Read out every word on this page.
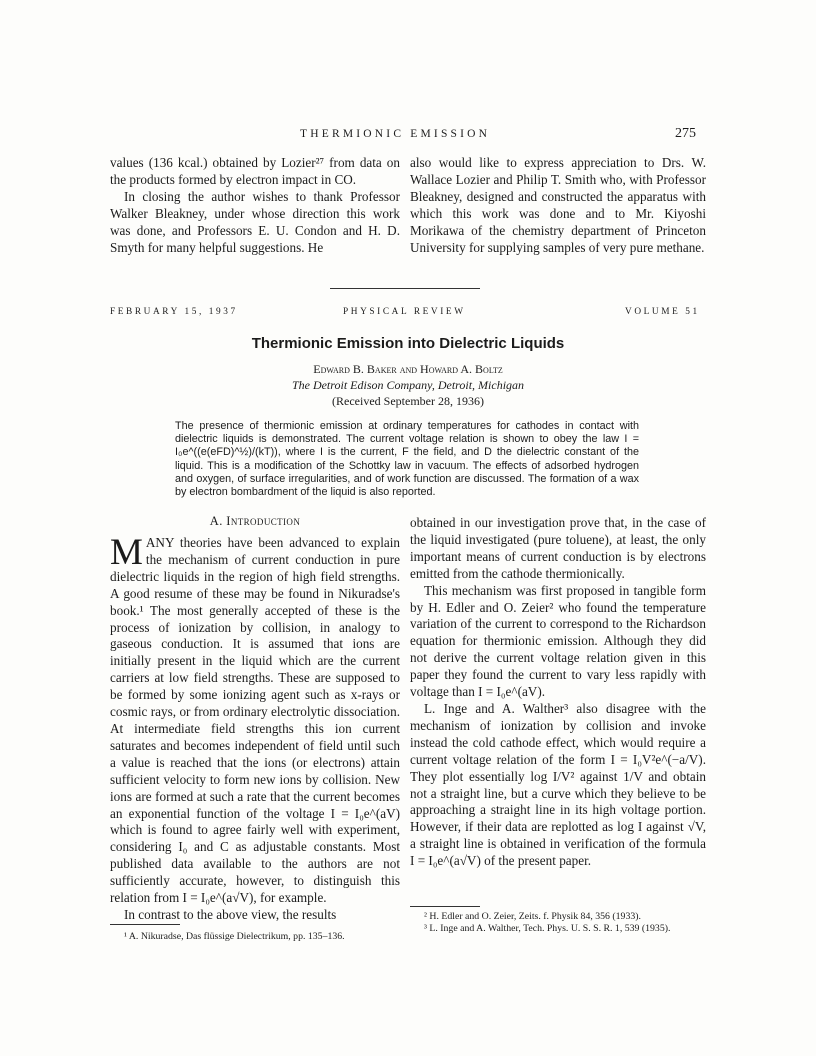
THERMIONIC EMISSION	275

values (136 kcal.) obtained by Lozier²⁷ from data on the products formed by electron impact in CO.

In closing the author wishes to thank Professor Walker Bleakney, under whose direction this work was done, and Professors E. U. Condon and H. D. Smyth for many helpful suggestions. He

also would like to express appreciation to Drs. W. Wallace Lozier and Philip T. Smith who, with Professor Bleakney, designed and constructed the apparatus with which this work was done and to Mr. Kiyoshi Morikawa of the chemistry department of Princeton University for supplying samples of very pure methane.

FEBRUARY 15, 1937	PHYSICAL REVIEW	VOLUME 51
Thermionic Emission into Dielectric Liquids
Edward B. Baker and Howard A. Boltz
The Detroit Edison Company, Detroit, Michigan
(Received September 28, 1936)
The presence of thermionic emission at ordinary temperatures for cathodes in contact with dielectric liquids is demonstrated. The current voltage relation is shown to obey the law I = I₀e^((e(eFD)^½)/(kT)), where I is the current, F the field, and D the dielectric constant of the liquid. This is a modification of the Schottky law in vacuum. The effects of adsorbed hydrogen and oxygen, of surface irregularities, and of work function are discussed. The formation of a wax by electron bombardment of the liquid is also reported.
A. Introduction

MANY theories have been advanced to explain the mechanism of current conduction in pure dielectric liquids in the region of high field strengths. A good resume of these may be found in Nikuradse's book.¹ The most generally accepted of these is the process of ionization by collision, in analogy to gaseous conduction. It is assumed that ions are initially present in the liquid which are the current carriers at low field strengths. These are supposed to be formed by some ionizing agent such as x-rays or cosmic rays, or from ordinary electrolytic dissociation. At intermediate field strengths this ion current saturates and becomes independent of field until such a value is reached that the ions (or electrons) attain sufficient velocity to form new ions by collision. New ions are formed at such a rate that the current becomes an exponential function of the voltage I = I₀e^(aV) which is found to agree fairly well with experiment, considering I₀ and C as adjustable constants. Most published data available to the authors are not sufficiently accurate, however, to distinguish this relation from I = I₀e^(a√V), for example.

In contrast to the above view, the results

¹ A. Nikuradse, Das flüssige Dielectrikum, pp. 135–136.

obtained in our investigation prove that, in the case of the liquid investigated (pure toluene), at least, the only important means of current conduction is by electrons emitted from the cathode thermionically.

This mechanism was first proposed in tangible form by H. Edler and O. Zeier² who found the temperature variation of the current to correspond to the Richardson equation for thermionic emission. Although they did not derive the current voltage relation given in this paper they found the current to vary less rapidly with voltage than I = I₀e^(aV).

L. Inge and A. Walther³ also disagree with the mechanism of ionization by collision and invoke instead the cold cathode effect, which would require a current voltage relation of the form I = I₀V²e^(−a/V). They plot essentially log I/V² against 1/V and obtain not a straight line, but a curve which they believe to be approaching a straight line in its high voltage portion. However, if their data are replotted as log I against √V, a straight line is obtained in verification of the formula I = I₀e^(a√V) of the present paper.

² H. Edler and O. Zeier, Zeits. f. Physik 84, 356 (1933).
³ L. Inge and A. Walther, Tech. Phys. U. S. S. R. 1, 539 (1935).
